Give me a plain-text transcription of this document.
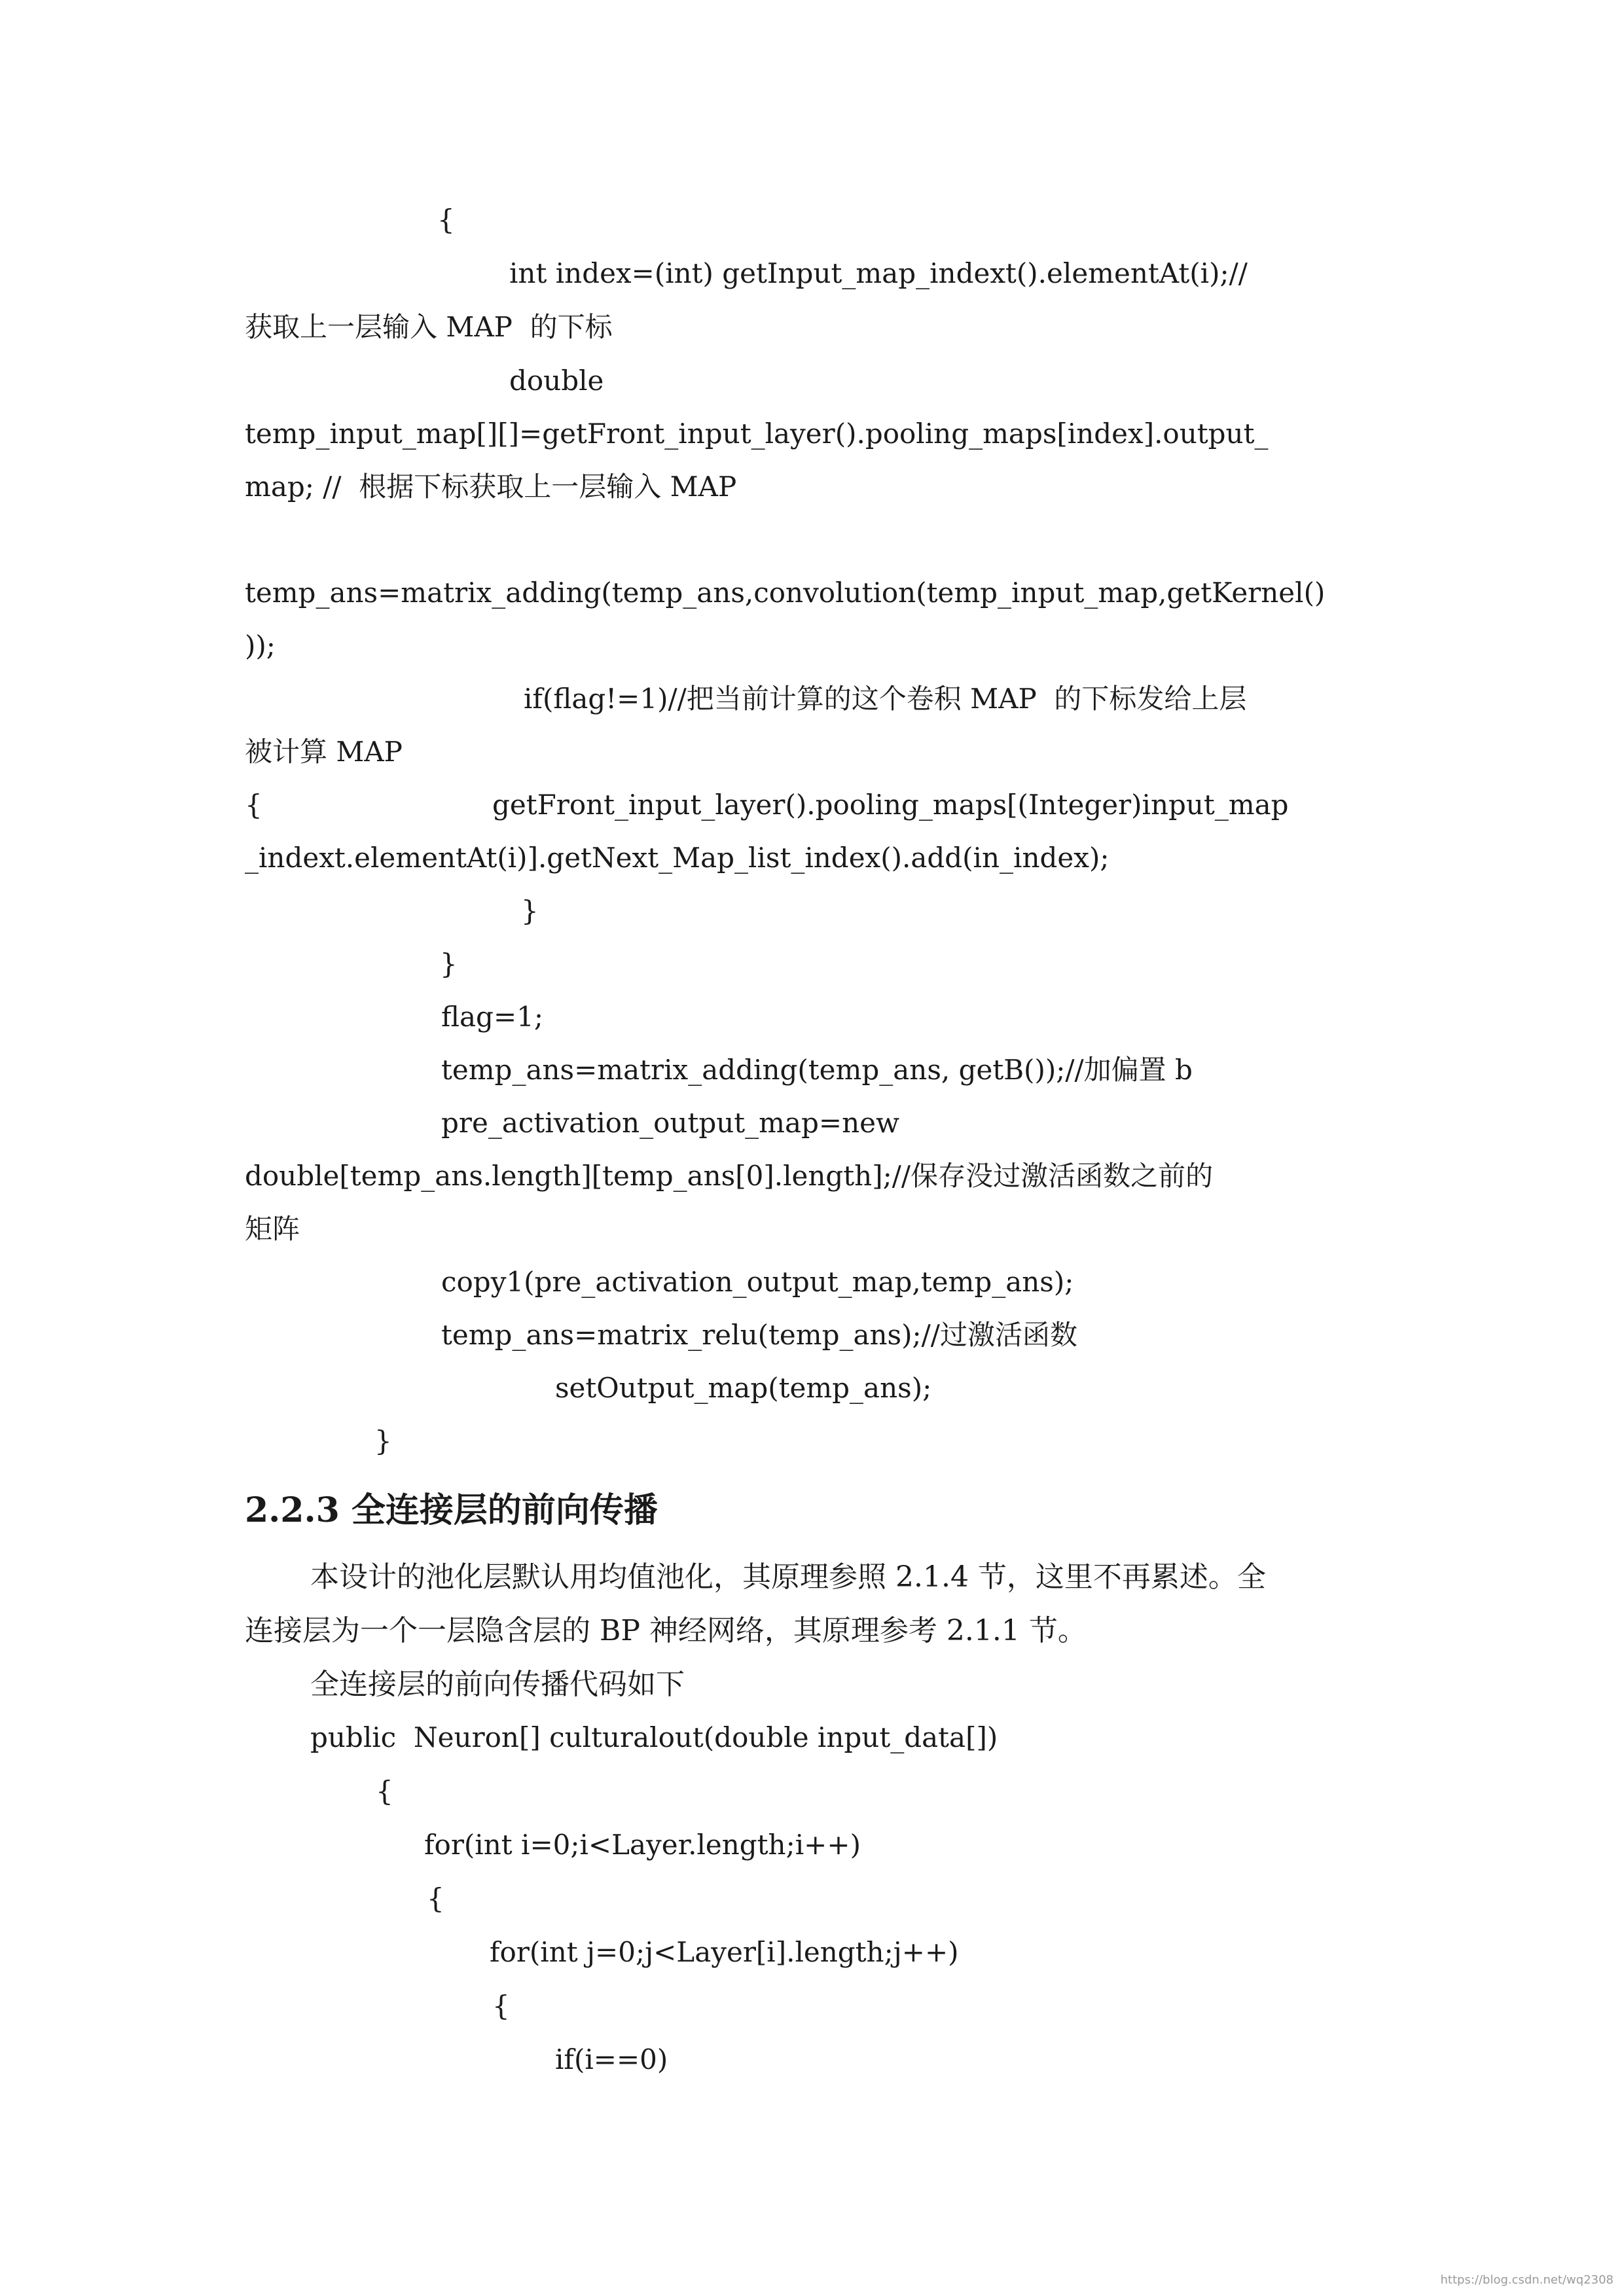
{
int index=(int) getInput_map_indext().elementAt(i);//
获取上一层输入 MAP  的下标
double
temp_input_map[][]=getFront_input_layer().pooling_maps[index].output_
map; //  根据下标获取上一层输入 MAP
temp_ans=matrix_adding(temp_ans,convolution(temp_input_map,getKernel()
));
if(flag!=1)//把当前计算的这个卷积 MAP  的下标发给上层
被计算 MAP
{	getFront_input_layer().pooling_maps[(Integer)input_map
_indext.elementAt(i)].getNext_Map_list_index().add(in_index);
}
}
flag=1;
temp_ans=matrix_adding(temp_ans, getB());//加偏置 b
pre_activation_output_map=new
double[temp_ans.length][temp_ans[0].length];//保存没过激活函数之前的
矩阵
copy1(pre_activation_output_map,temp_ans);
temp_ans=matrix_relu(temp_ans);//过激活函数
setOutput_map(temp_ans);
}
2.2.3 全连接层的前向传播
本设计的池化层默认用均值池化，其原理参照 2.1.4 节，这里不再累述。全
连接层为一个一层隐含层的 BP 神经网络，其原理参考 2.1.1 节。
全连接层的前向传播代码如下
public  Neuron[] culturalout(double input_data[])
{
for(int i=0;i<Layer.length;i++)
{
for(int j=0;j<Layer[i].length;j++)
{
if(i==0)
https://blog.csdn.net/wq2308
